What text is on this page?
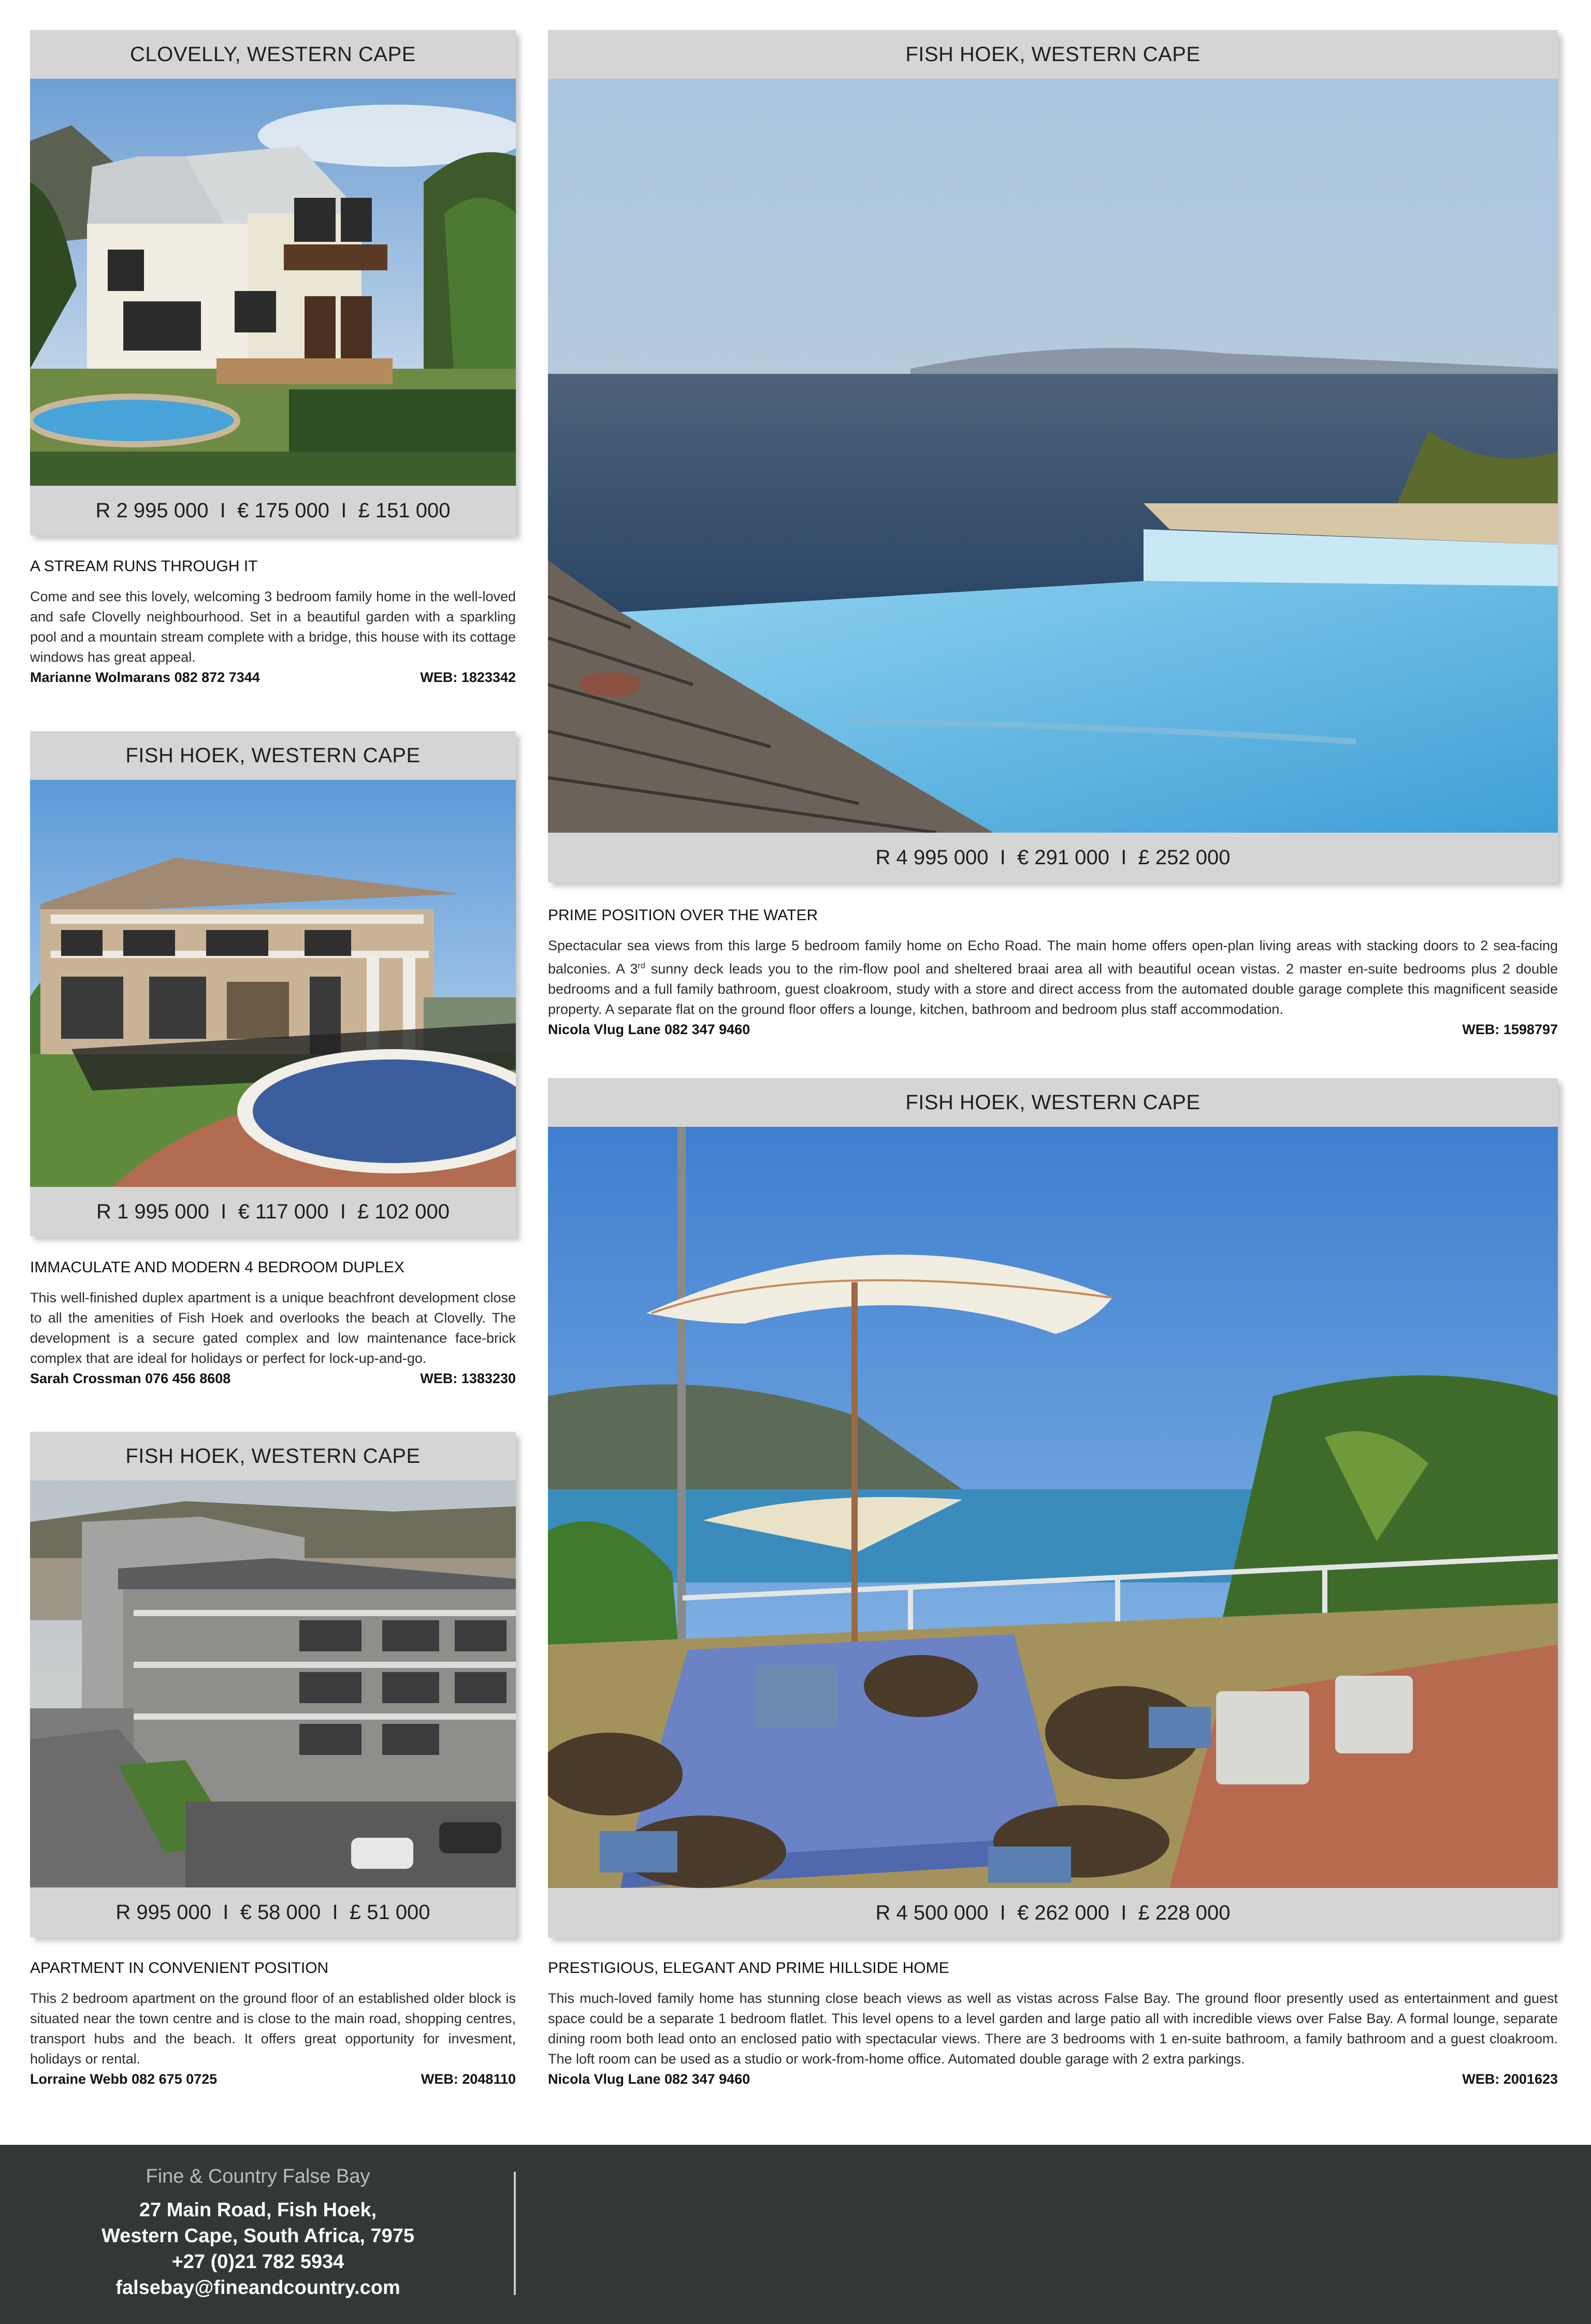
CLOVELLY, WESTERN CAPE
R 2 995 000  I  € 175 000  I  £ 151 000
A STREAM RUNS THROUGH IT

Come and see this lovely, welcoming 3 bedroom family home in the well-loved and safe Clovelly neighbourhood. Set in a beautiful garden with a sparkling pool and a mountain stream complete with a bridge, this house with its cottage windows has great appeal.

Marianne Wolmarans 082 872 7344	WEB: 1823342
FISH HOEK, WESTERN CAPE
R 1 995 000  I  € 117 000  I  £ 102 000
IMMACULATE AND MODERN 4 BEDROOM DUPLEX

This well-finished duplex apartment is a unique beachfront development close to all the amenities of Fish Hoek and overlooks the beach at Clovelly. The development is a secure gated complex and low maintenance face-brick complex that are ideal for holidays or perfect for lock-up-and-go.

Sarah Crossman 076 456 8608	WEB: 1383230
FISH HOEK, WESTERN CAPE
R 995 000  I  € 58 000  I  £ 51 000
APARTMENT IN CONVENIENT POSITION

This 2 bedroom apartment on the ground floor of an established older block is situated near the town centre and is close to the main road, shopping centres, transport hubs and the beach. It offers great opportunity for invesment, holidays or rental.

Lorraine Webb 082 675 0725	WEB: 2048110
FISH HOEK, WESTERN CAPE
R 4 995 000  I  € 291 000  I  £ 252 000
PRIME POSITION OVER THE WATER

Spectacular sea views from this large 5 bedroom family home on Echo Road. The main home offers open-plan living areas with stacking doors to 2 sea-facing balconies. A 3rd sunny deck leads you to the rim-flow pool and sheltered braai area all with beautiful ocean vistas. 2 master en-suite bedrooms plus 2 double bedrooms and a full family bathroom, guest cloakroom, study with a store and direct access from the automated double garage complete this magnificent seaside property. A separate flat on the ground floor offers a lounge, kitchen, bathroom and bedroom plus staff accommodation.

Nicola Vlug Lane 082 347 9460	WEB: 1598797
FISH HOEK, WESTERN CAPE
R 4 500 000  I  € 262 000  I  £ 228 000
PRESTIGIOUS, ELEGANT AND PRIME HILLSIDE HOME

This much-loved family home has stunning close beach views as well as vistas across False Bay. The ground floor presently used as entertainment and guest space could be a separate 1 bedroom flatlet. This level opens to a level garden and large patio all with incredible views over False Bay. A formal lounge, separate dining room both lead onto an enclosed patio with spectacular views. There are 3 bedrooms with 1 en-suite bathroom, a family bathroom and a guest cloakroom. The loft room can be used as a studio or work-from-home office. Automated double garage with 2 extra parkings.

Nicola Vlug Lane 082 347 9460	WEB: 2001623
Fine & Country False Bay
27 Main Road, Fish Hoek,
Western Cape, South Africa, 7975
+27 (0)21 782 5934
falsebay@fineandcountry.com
